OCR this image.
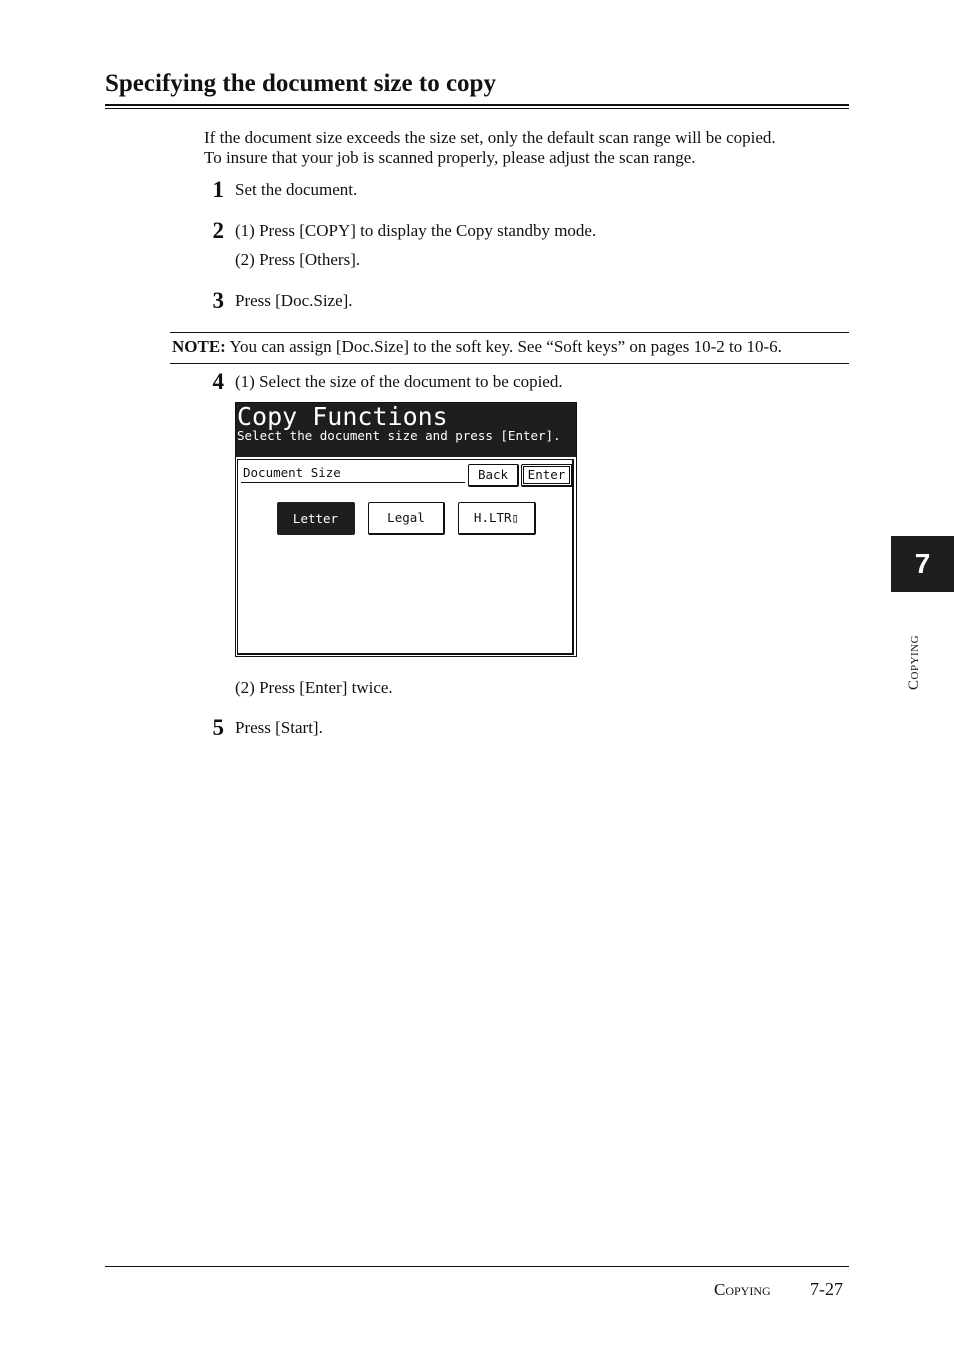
Specifying the document size to copy
If the document size exceeds the size set, only the default scan range will be copied.
To insure that your job is scanned properly, please adjust the scan range.
1 Set the document.
2 (1) Press [COPY] to display the Copy standby mode.
(2) Press [Others].
3 Press [Doc.Size].
NOTE: You can assign [Doc.Size] to the soft key. See “Soft keys” on pages 10-2 to 10-6.
4 (1) Select the size of the document to be copied.
Copy Functions
Select the document size and press [Enter].
Document Size	Back	Enter
Letter	Legal	H.LTR▯
(2) Press [Enter] twice.
5 Press [Start].
7
Copying
Copying 7-27
